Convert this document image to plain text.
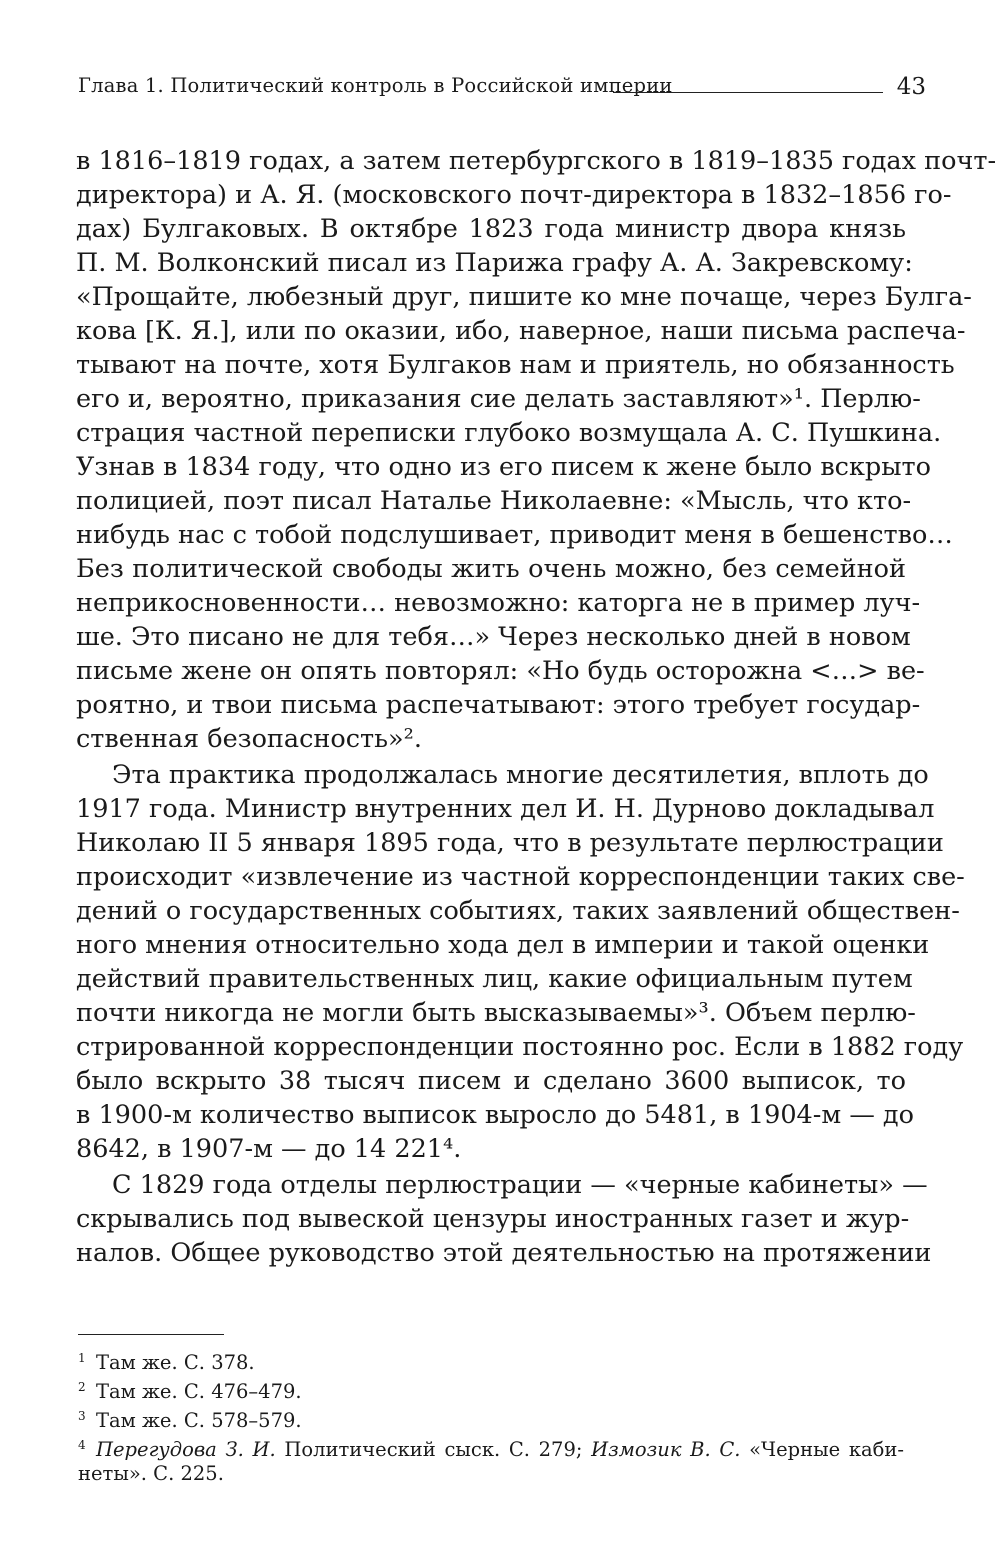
Глава 1. Политический контроль в Российской империи	43
в 1816–1819 годах, а затем петербургского в 1819–1835 годах почт-
директора) и А. Я. (московского почт-директора в 1832–1856 го-
дах) Булгаковых. В октябре 1823 года министр двора князь
П. М. Волконский писал из Парижа графу А. А. Закревскому:
«Прощайте, любезный друг, пишите ко мне почаще, через Булга-
кова [К. Я.], или по оказии, ибо, наверное, наши письма распеча-
тывают на почте, хотя Булгаков нам и приятель, но обязанность
его и, вероятно, приказания сие делать заставляют»¹. Перлю-
страция частной переписки глубоко возмущала А. С. Пушкина.
Узнав в 1834 году, что одно из его писем к жене было вскрыто
полицией, поэт писал Наталье Николаевне: «Мысль, что кто-
нибудь нас с тобой подслушивает, приводит меня в бешенство…
Без политической свободы жить очень можно, без семейной
неприкосновенности… невозможно: каторга не в пример луч-
ше. Это писано не для тебя…» Через несколько дней в новом
письме жене он опять повторял: «Но будь осторожна <…> ве-
роятно, и твои письма распечатывают: этого требует государ-
ственная безопасность»².
Эта практика продолжалась многие десятилетия, вплоть до
1917 года. Министр внутренних дел И. Н. Дурново докладывал
Николаю II 5 января 1895 года, что в результате перлюстрации
происходит «извлечение из частной корреспонденции таких све-
дений о государственных событиях, таких заявлений обществен-
ного мнения относительно хода дел в империи и такой оценки
действий правительственных лиц, какие официальным путем
почти никогда не могли быть высказываемы»³. Объем перлю-
стрированной корреспонденции постоянно рос. Если в 1882 году
было вскрыто 38 тысяч писем и сделано 3600 выписок, то
в 1900-м количество выписок выросло до 5481, в 1904-м — до
8642, в 1907-м — до 14 221⁴.
С 1829 года отделы перлюстрации — «черные кабинеты» —
скрывались под вывеской цензуры иностранных газет и жур-
налов. Общее руководство этой деятельностью на протяжении
1 Там же. С. 378.
2 Там же. С. 476–479.
3 Там же. С. 578–579.
4 Перегудова З. И. Политический сыск. С. 279; Измозик В. С. «Черные каби-
неты». С. 225.
